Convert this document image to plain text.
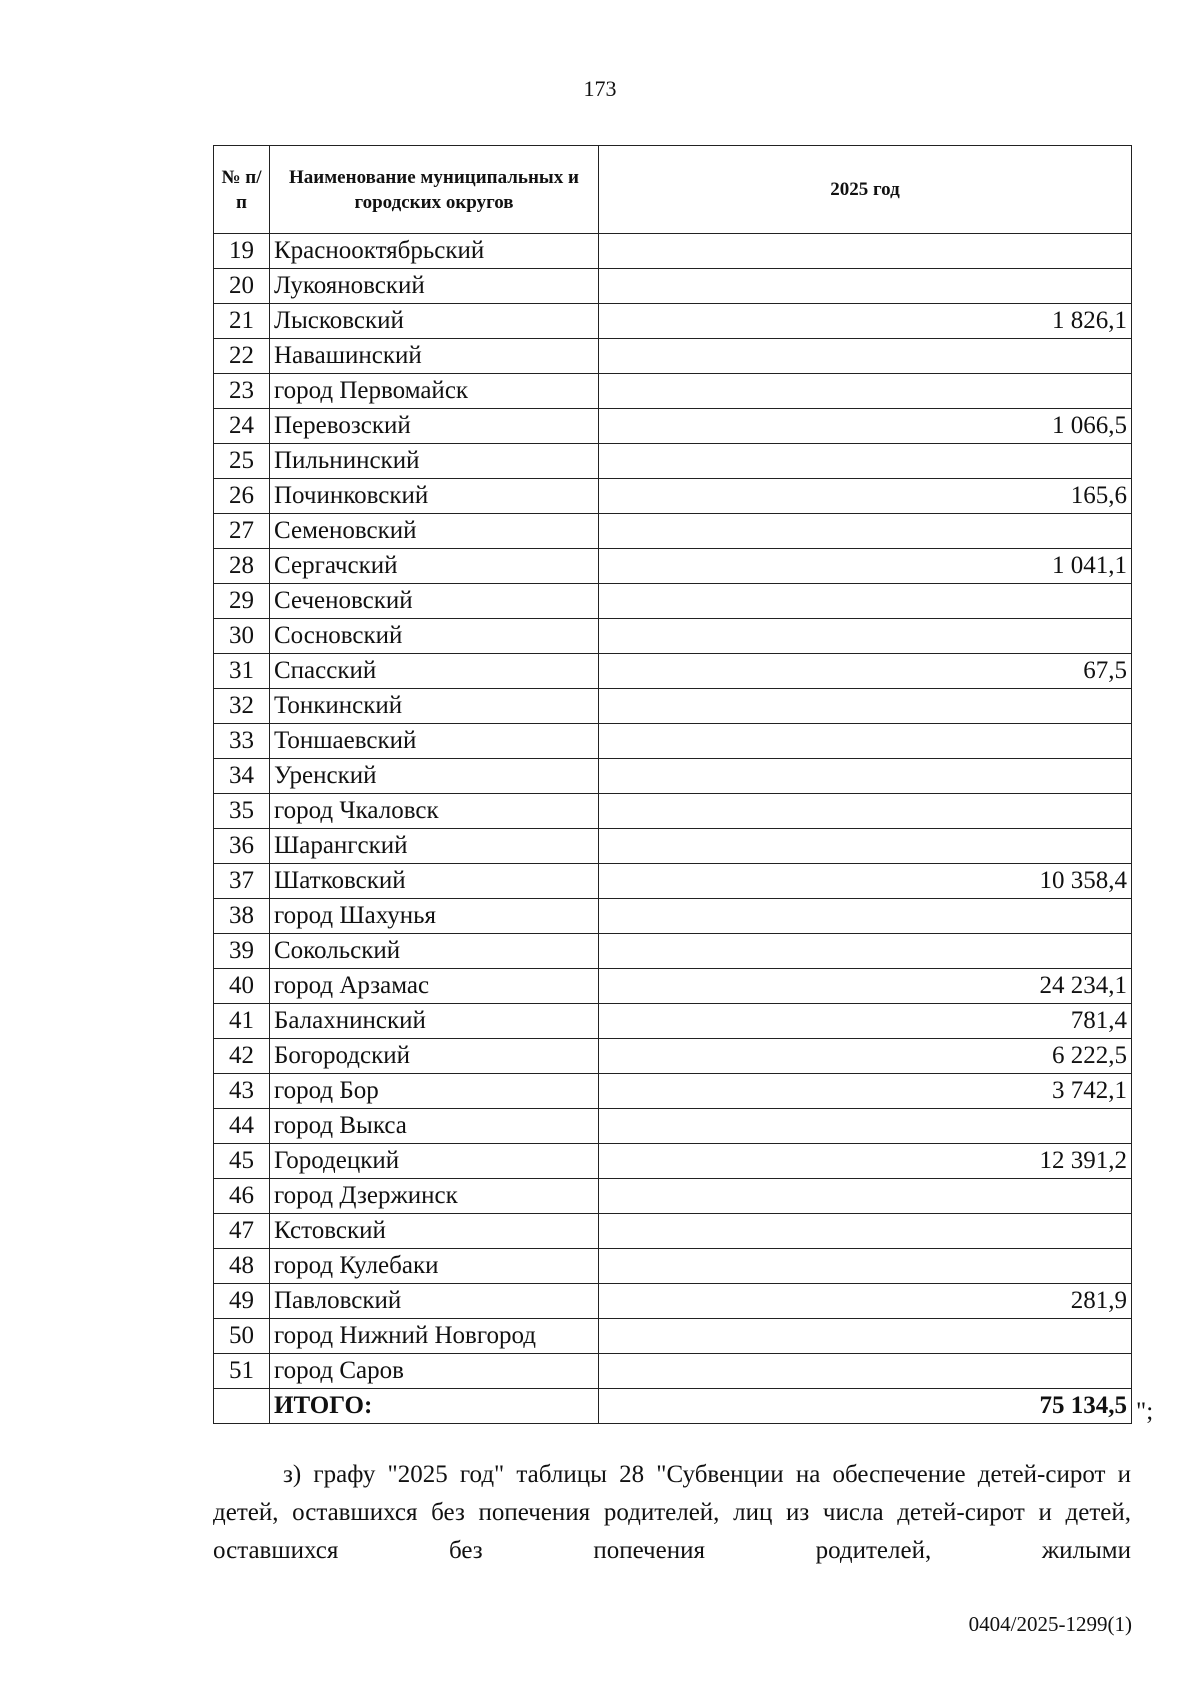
173
№ п/п	Наименование муниципальных и городских округов	2025 год
19	Краснооктябрьский	
20	Лукояновский	
21	Лысковский	1 826,1
22	Навашинский	
23	город Первомайск	
24	Перевозский	1 066,5
25	Пильнинский	
26	Починковский	165,6
27	Семеновский	
28	Сергачский	1 041,1
29	Сеченовский	
30	Сосновский	
31	Спасский	67,5
32	Тонкинский	
33	Тоншаевский	
34	Уренский	
35	город Чкаловск	
36	Шарангский	
37	Шатковский	10 358,4
38	город Шахунья	
39	Сокольский	
40	город Арзамас	24 234,1
41	Балахнинский	781,4
42	Богородский	6 222,5
43	город Бор	3 742,1
44	город Выкса	
45	Городецкий	12 391,2
46	город Дзержинск	
47	Кстовский	
48	город Кулебаки	
49	Павловский	281,9
50	город Нижний Новгород	
51	город Саров	
	ИТОГО:	75 134,5 ";
з) графу "2025 год" таблицы 28 "Субвенции на обеспечение детей-сирот и детей, оставшихся без попечения родителей, лиц из числа детей-сирот и детей, оставшихся без попечения родителей, жилыми
0404/2025-1299(1)
